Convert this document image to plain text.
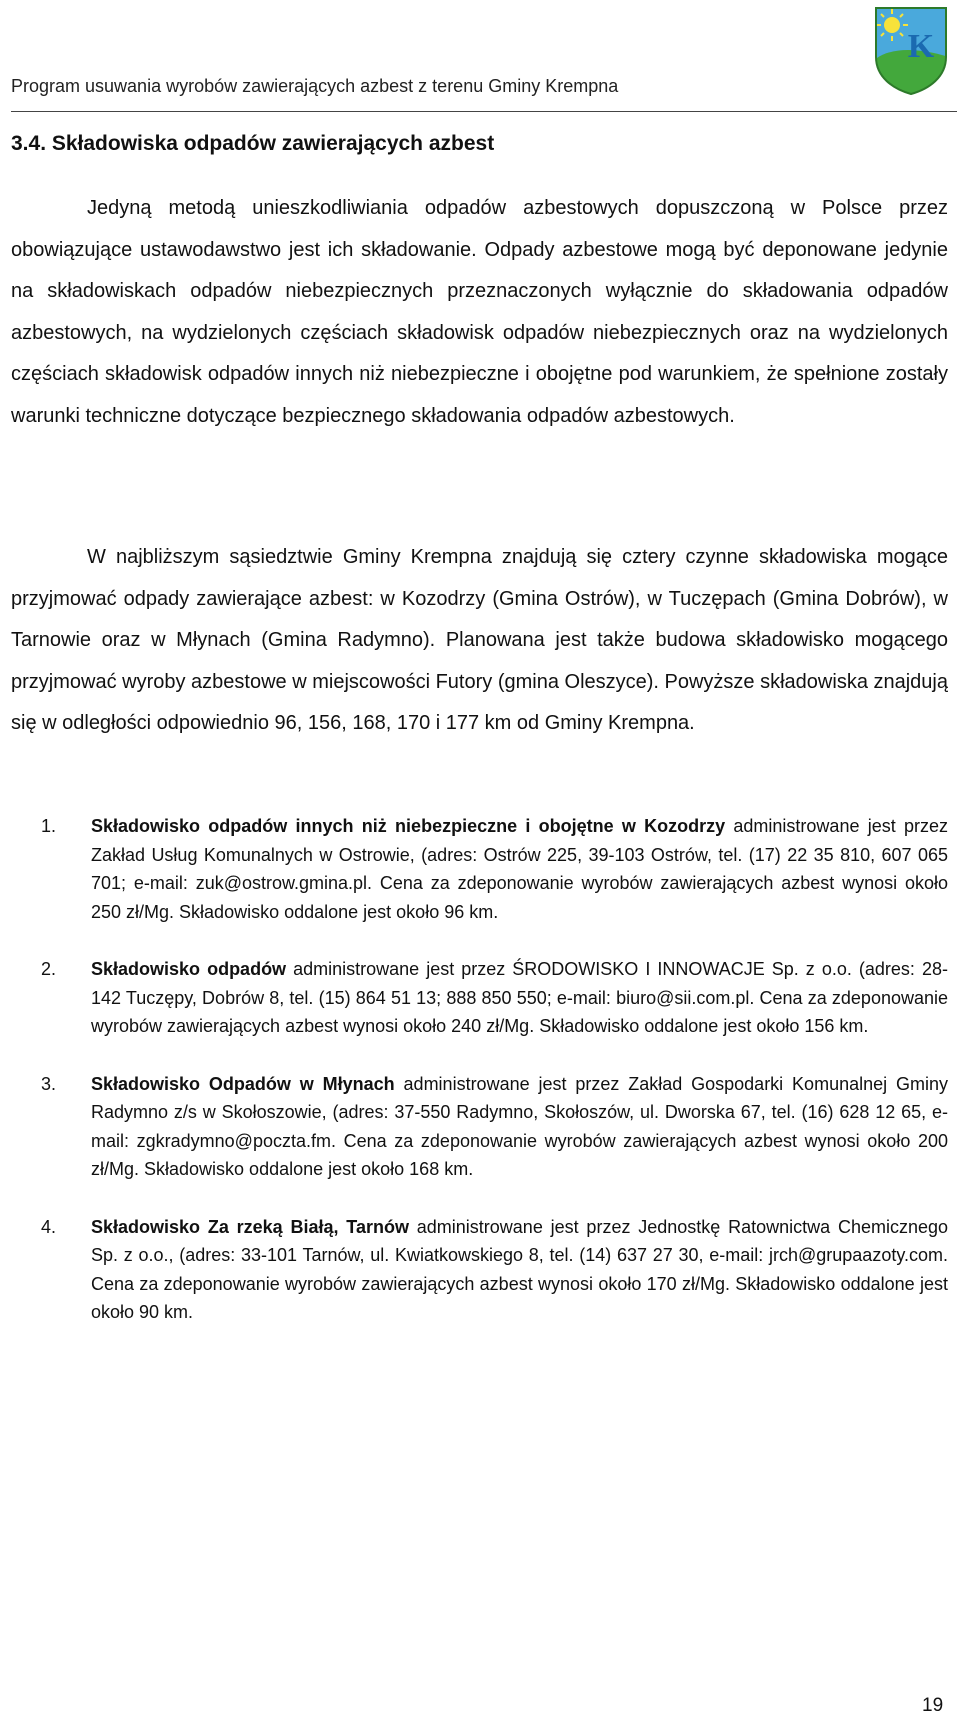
Program usuwania wyrobów zawierających azbest z terenu Gminy Krempna
K
3.4. Składowiska odpadów zawierających azbest

Jedyną metodą unieszkodliwiania odpadów azbestowych dopuszczoną w Polsce przez obowiązujące ustawodawstwo jest ich składowanie. Odpady azbestowe mogą być deponowane jedynie na składowiskach odpadów niebezpiecznych przeznaczonych wyłącznie do składowania odpadów azbestowych, na wydzielonych częściach składowisk odpadów niebezpiecznych oraz na wydzielonych częściach składowisk odpadów innych niż niebezpieczne i obojętne pod warunkiem, że spełnione zostały warunki techniczne dotyczące bezpiecznego składowania odpadów azbestowych.

W najbliższym sąsiedztwie Gminy Krempna znajdują się cztery czynne składowiska mogące przyjmować odpady zawierające azbest: w Kozodrzy (Gmina Ostrów), w Tuczępach (Gmina Dobrów), w Tarnowie oraz w Młynach (Gmina Radymno). Planowana jest także budowa składowisko mogącego przyjmować wyroby azbestowe w miejscowości Futory (gmina Oleszyce). Powyższe składowiska znajdują się w odległości odpowiednio 96, 156, 168, 170 i 177 km od Gminy Krempna.

1. Składowisko odpadów innych niż niebezpieczne i obojętne w Kozodrzy administrowane jest przez Zakład Usług Komunalnych w Ostrowie, (adres: Ostrów 225, 39-103 Ostrów, tel. (17) 22 35 810, 607 065 701; e-mail: zuk@ostrow.gmina.pl. Cena za zdeponowanie wyrobów zawierających azbest wynosi około 250 zł/Mg. Składowisko oddalone jest około 96 km.
2. Składowisko odpadów administrowane jest przez ŚRODOWISKO I INNOWACJE Sp. z o.o. (adres: 28-142 Tuczępy, Dobrów 8, tel. (15) 864 51 13; 888 850 550; e-mail: biuro@sii.com.pl. Cena za zdeponowanie wyrobów zawierających azbest wynosi około 240 zł/Mg. Składowisko oddalone jest około 156 km.
3. Składowisko Odpadów w Młynach administrowane jest przez Zakład Gospodarki Komunalnej Gminy Radymno z/s w Skołoszowie, (adres: 37-550 Radymno, Skołoszów, ul. Dworska 67, tel. (16) 628 12 65, e-mail: zgkradymno@poczta.fm. Cena za zdeponowanie wyrobów zawierających azbest wynosi około 200 zł/Mg. Składowisko oddalone jest około 168 km.
4. Składowisko Za rzeką Białą, Tarnów administrowane jest przez Jednostkę Ratownictwa Chemicznego Sp. z o.o., (adres: 33-101 Tarnów, ul. Kwiatkowskiego 8, tel. (14) 637 27 30, e-mail: jrch@grupaazoty.com. Cena za zdeponowanie wyrobów zawierających azbest wynosi około 170 zł/Mg. Składowisko oddalone jest około 90 km.
19
